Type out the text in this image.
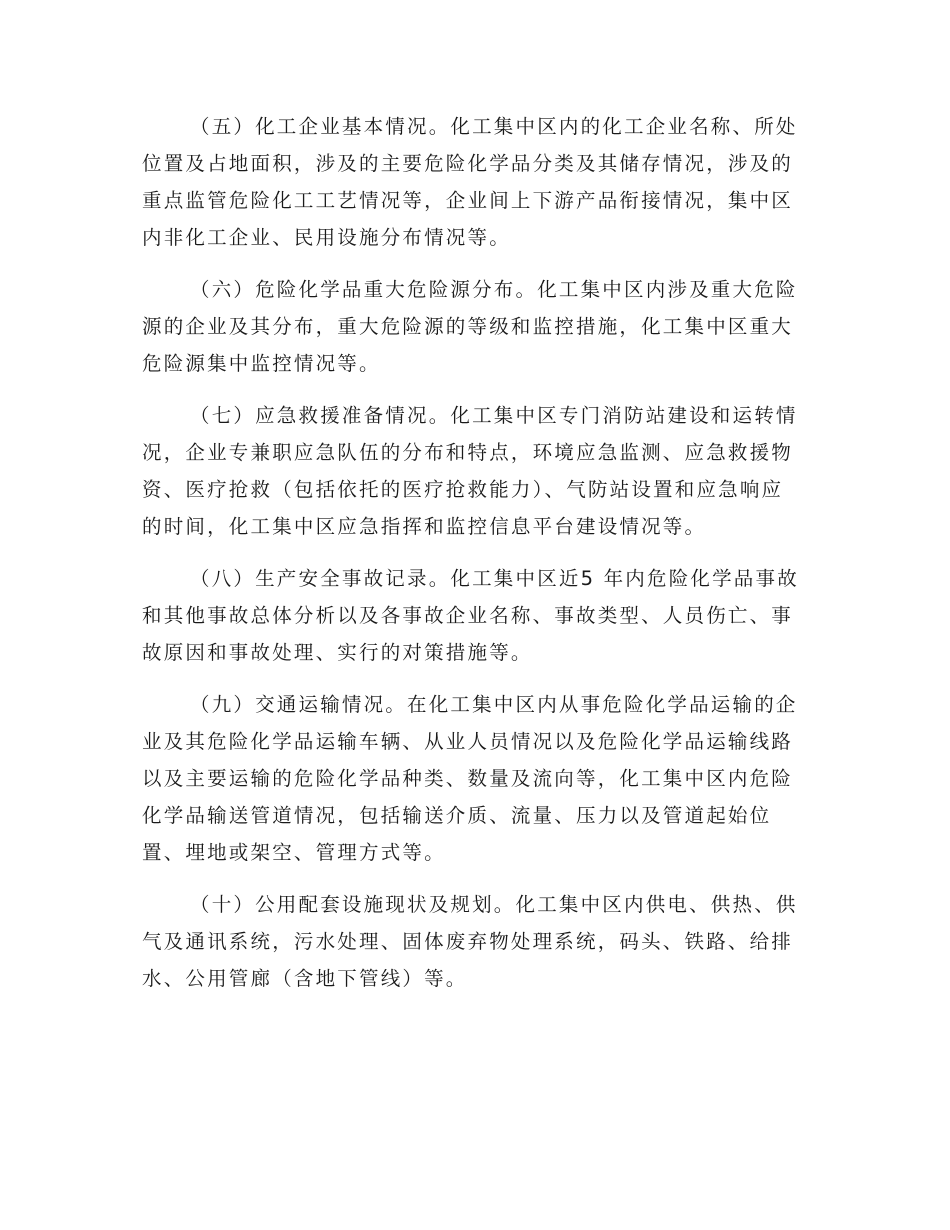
（五）化工企业基本情况。化工集中区内的化工企业名称、所处
位置及占地面积，涉及的主要危险化学品分类及其储存情况，涉及的
重点监管危险化工工艺情况等，企业间上下游产品衔接情况，集中区
内非化工企业、民用设施分布情况等。
（六）危险化学品重大危险源分布。化工集中区内涉及重大危险
源的企业及其分布，重大危险源的等级和监控措施，化工集中区重大
危险源集中监控情况等。
（七）应急救援准备情况。化工集中区专门消防站建设和运转情
况，企业专兼职应急队伍的分布和特点，环境应急监测、应急救援物
资、医疗抢救（包括依托的医疗抢救能力）、气防站设置和应急响应
的时间，化工集中区应急指挥和监控信息平台建设情况等。
（八）生产安全事故记录。化工集中区近5 年内危险化学品事故
和其他事故总体分析以及各事故企业名称、事故类型、人员伤亡、事
故原因和事故处理、实行的对策措施等。
（九）交通运输情况。在化工集中区内从事危险化学品运输的企
业及其危险化学品运输车辆、从业人员情况以及危险化学品运输线路
以及主要运输的危险化学品种类、数量及流向等，化工集中区内危险
化学品输送管道情况，包括输送介质、流量、压力以及管道起始位
置、埋地或架空、管理方式等。
（十）公用配套设施现状及规划。化工集中区内供电、供热、供
气及通讯系统，污水处理、固体废弃物处理系统，码头、铁路、给排
水、公用管廊（含地下管线）等。
